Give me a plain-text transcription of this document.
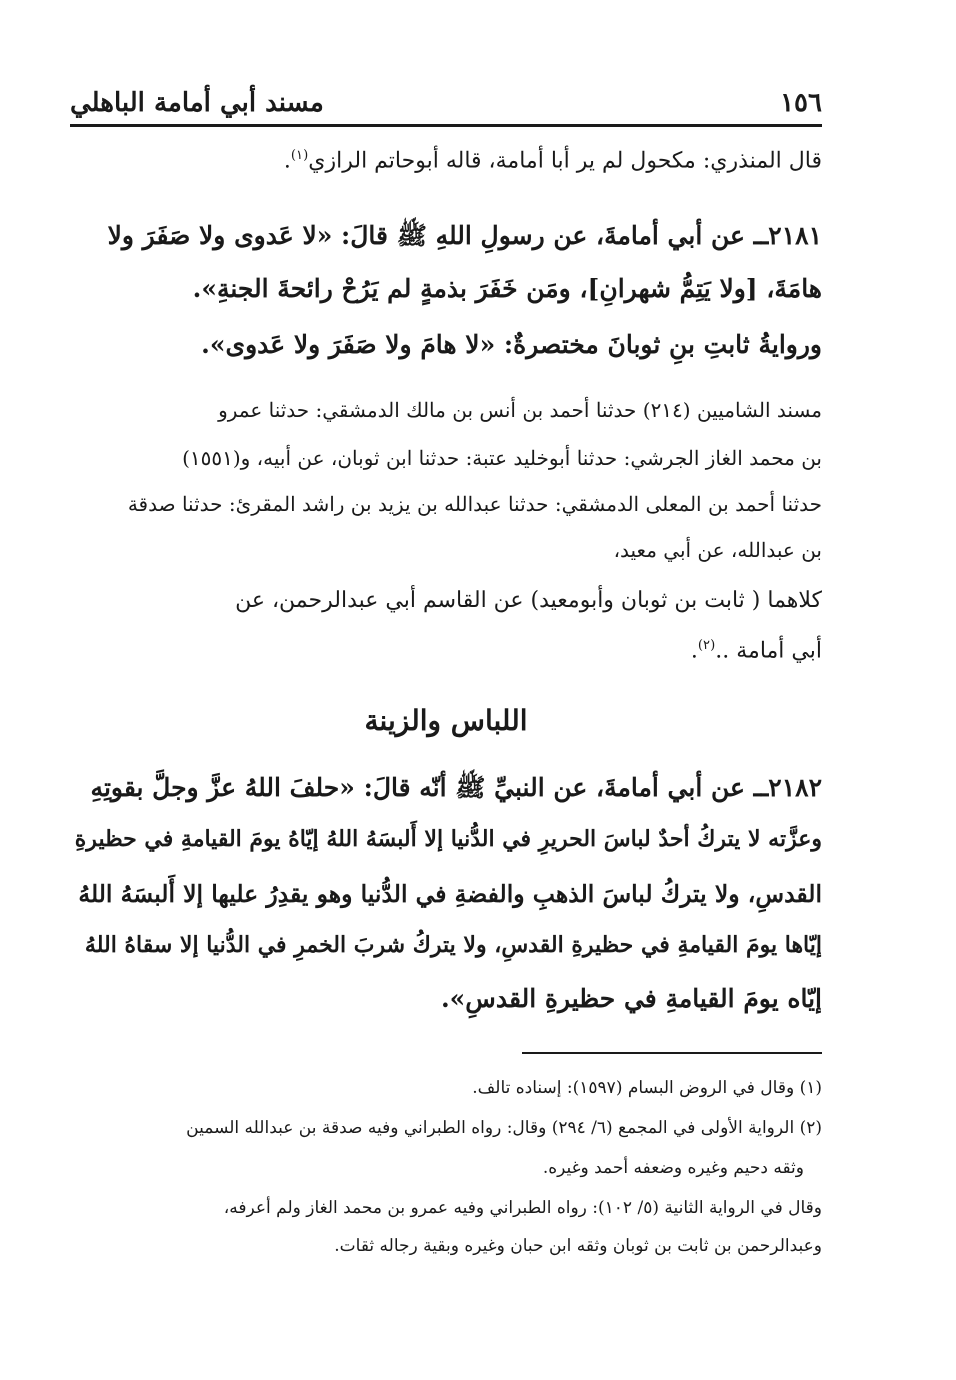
١٥٦
مسند أبي أمامة الباهلي
قال المنذري: مكحول لم ير أبا أمامة، قاله أبوحاتم الرازي$^{(١)}$.
٢١٨١ــ عن أبي أمامةَ، عن رسولِ اللهِ ﷺ قالَ: «لا عَدوى ولا صَفَرَ ولا
هامَةَ، [ولا يَتِمُّ شهرانِ]، ومَن خَفَرَ بذمةٍ لم يَرُحْ رائحةَ الجنةِ».
وروايةُ ثابتِ بنِ ثوبانَ مختصرةٌ: «لا هامَ ولا صَفَرَ ولا عَدوى».
مسند الشاميين (٢١٤) حدثنا أحمد بن أنس بن مالك الدمشقي: حدثنا عمرو
بن محمد الغاز الجرشي: حدثنا أبوخليد عتبة: حدثنا ابن ثوبان، عن أبيه، و(١٥٥١)
حدثنا أحمد بن المعلى الدمشقي: حدثنا عبدالله بن يزيد بن راشد المقرئ: حدثنا صدقة
بن عبدالله، عن أبي معيد،
كلاهما ( ثابت بن ثوبان وأبومعيد) عن القاسم أبي عبدالرحمن، عن
أبي أمامة ..$^{(٢)}$.
اللباس والزينة
٢١٨٢ــ عن أبي أمامةَ، عن النبيِّ ﷺ أنّه قالَ: «حلفَ اللهُ عزَّ وجلَّ بقوتِهِ
وعزَّته لا يتركُ أحدٌ لباسَ الحريرِ في الدُّنيا إلا أَلبسَهُ اللهُ إيّاهُ يومَ القيامةِ في حظيرةِ
القدسِ، ولا يتركُ لباسَ الذهبِ والفضةِ في الدُّنيا وهو يقدِرُ عليها إلا أَلبسَهُ اللهُ
إيّاها يومَ القيامةِ في حظيرةِ القدسِ، ولا يتركُ شربَ الخمرِ في الدُّنيا إلا سقاهُ اللهُ
إيّاه يومَ القيامةِ في حظيرةِ القدسِ».
(١) وقال في الروض البسام (١٥٩٧): إسناده تالف.
(٢) الرواية الأولى في المجمع (٦/ ٢٩٤) وقال: رواه الطبراني وفيه صدقة بن عبدالله السمين
وثقه دحيم وغيره وضعفه أحمد وغيره.
وقال في الرواية الثانية (٥/ ١٠٢): رواه الطبراني وفيه عمرو بن محمد الغاز ولم أعرفه،
وعبدالرحمن بن ثابت بن ثوبان وثقه ابن حبان وغيره وبقية رجاله ثقات.
